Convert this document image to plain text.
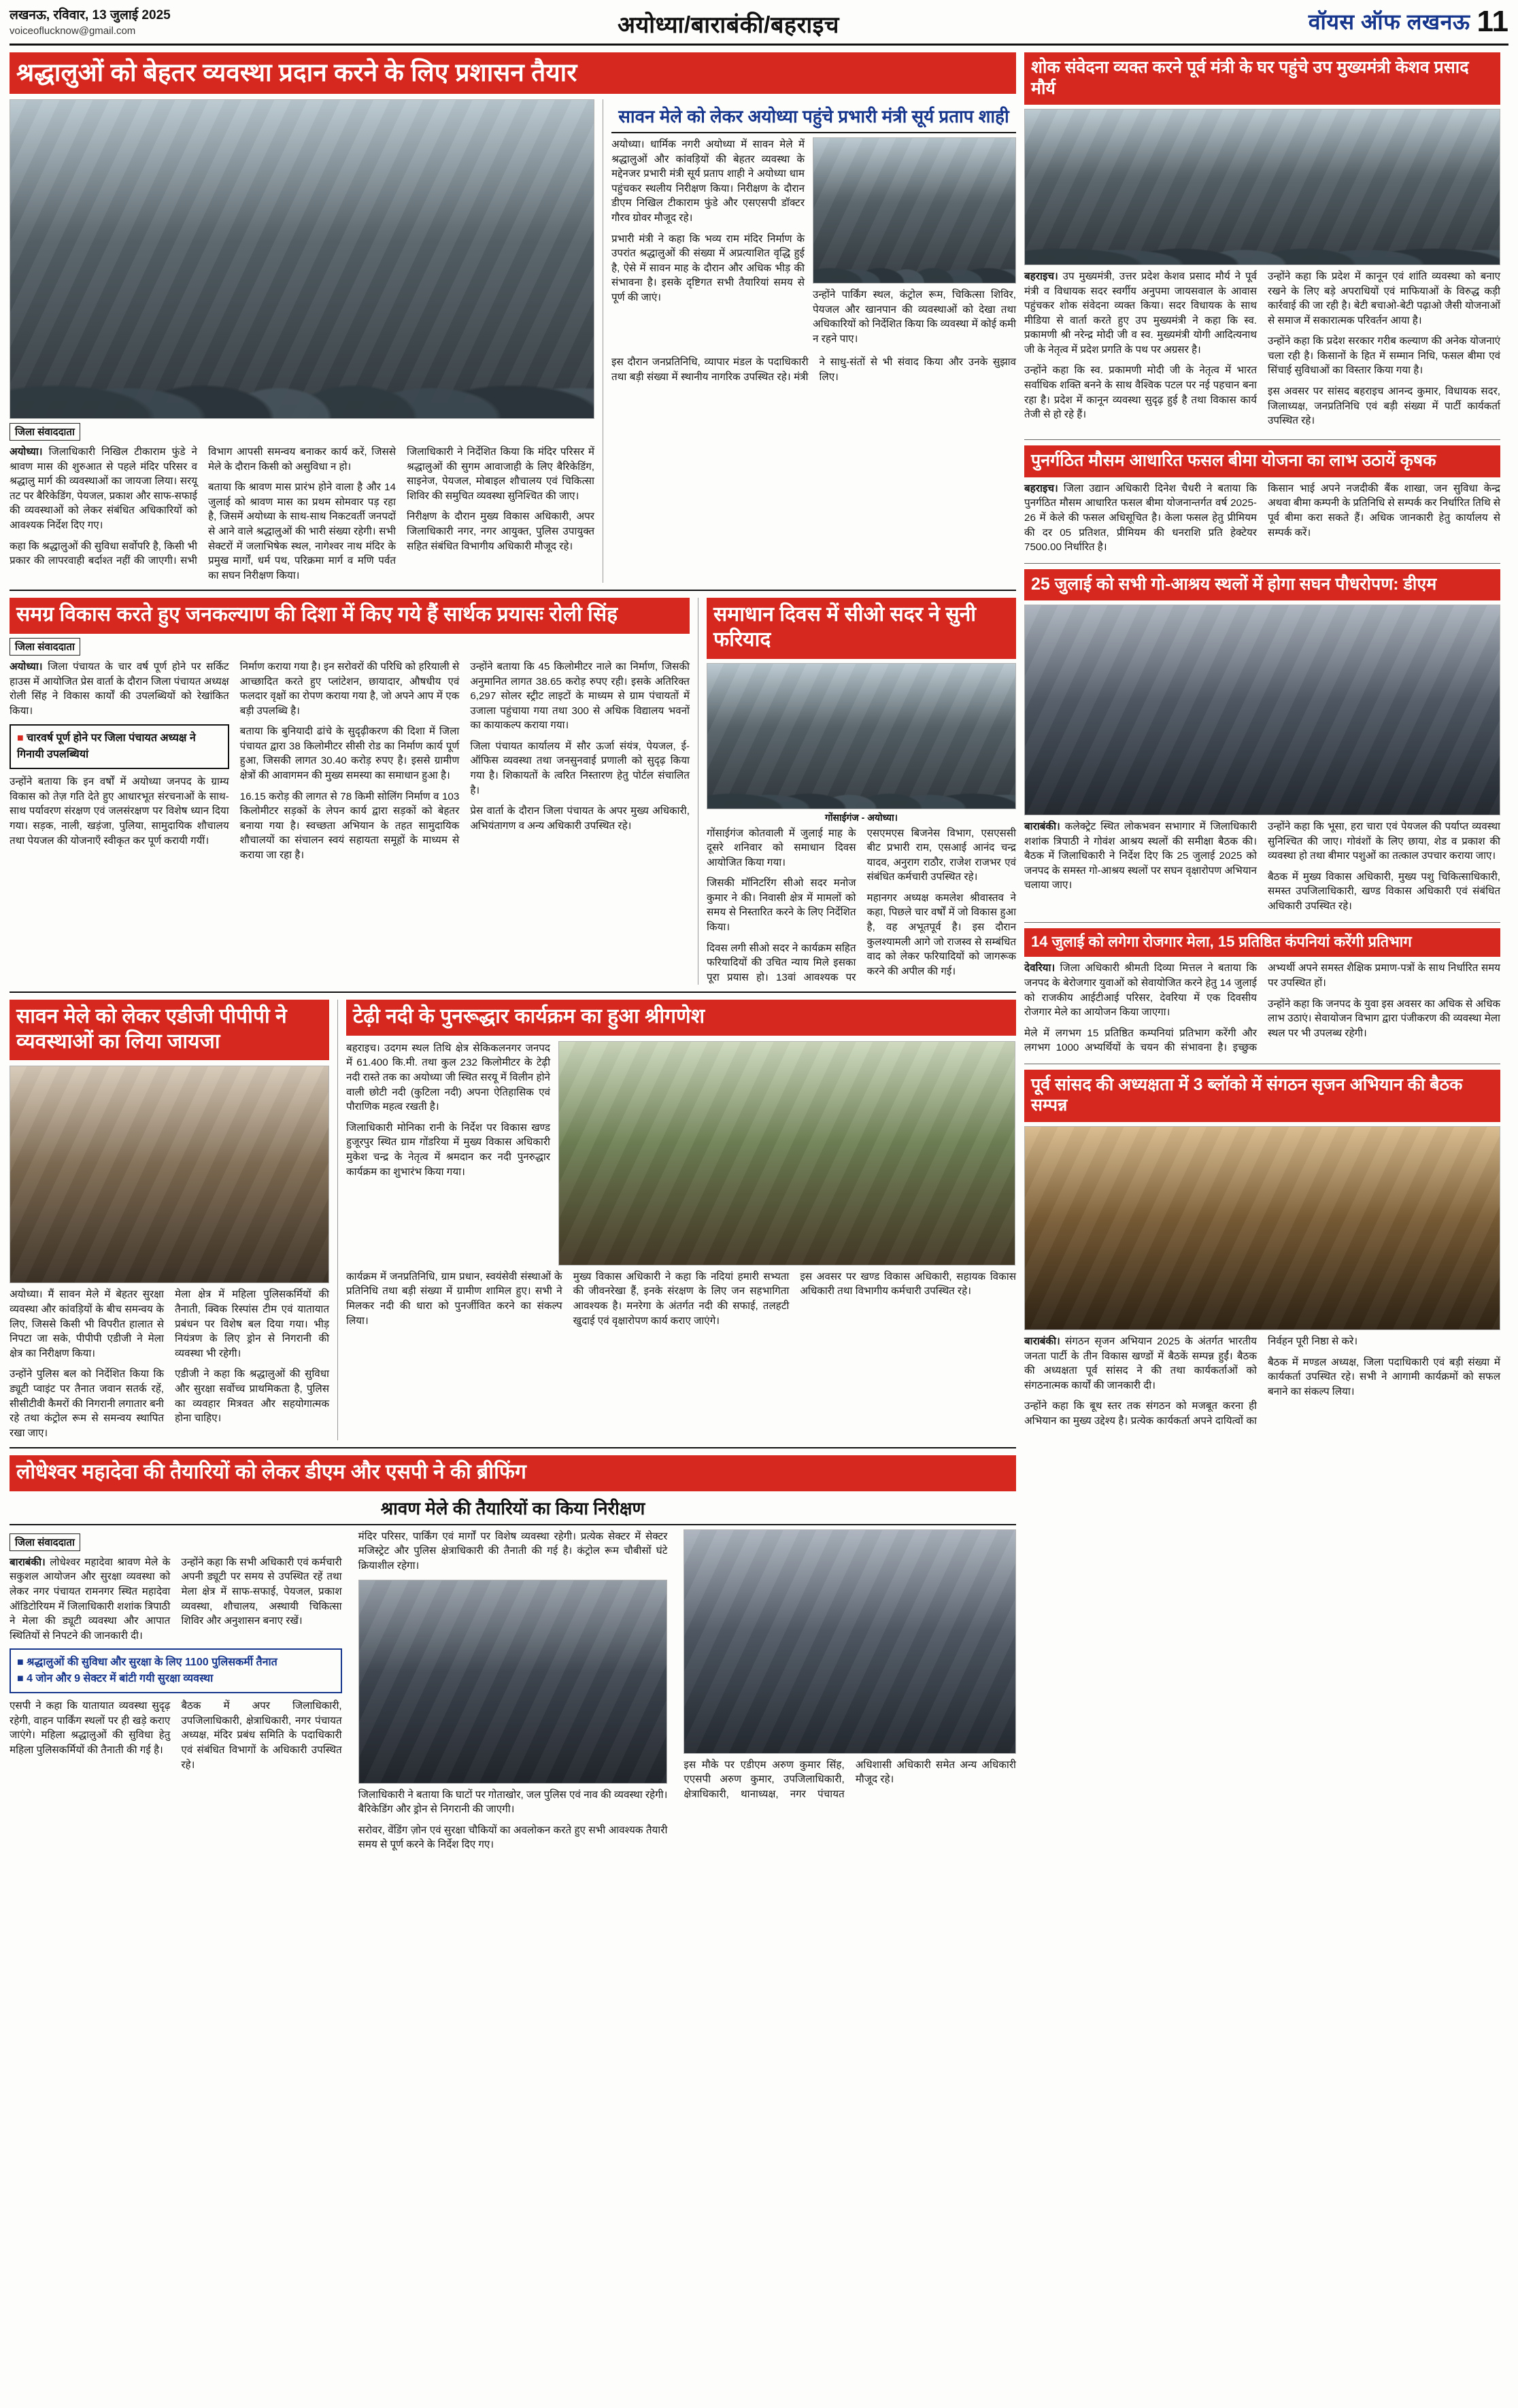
लखनऊ, रविवार, 13 जुलाई 2025
voiceoflucknow@gmail.com	अयोध्या/बाराबंकी/बहराइच	वॉयस ऑफ लखनऊ 11
श्रद्धालुओं को बेहतर व्यवस्था प्रदान करने के लिए प्रशासन तैयार
जिला संवाददाता

अयोध्या। जिलाधिकारी निखिल टीकाराम फुंडे ने श्रावण मास की शुरुआत से पहले मंदिर परिसर व श्रद्धालु मार्ग की व्यवस्थाओं का जायजा लिया। सरयू तट पर बैरिकेडिंग, पेयजल, प्रकाश और साफ-सफाई की व्यवस्थाओं को लेकर संबंधित अधिकारियों को आवश्यक निर्देश दिए गए।

कहा कि श्रद्धालुओं की सुविधा सर्वोपरि है, किसी भी प्रकार की लापरवाही बर्दाश्त नहीं की जाएगी। सभी विभाग आपसी समन्वय बनाकर कार्य करें, जिससे मेले के दौरान किसी को असुविधा न हो।

बताया कि श्रावण मास प्रारंभ होने वाला है और 14 जुलाई को श्रावण मास का प्रथम सोमवार पड़ रहा है, जिसमें अयोध्या के साथ-साथ निकटवर्ती जनपदों से आने वाले श्रद्धालुओं की भारी संख्या रहेगी। सभी सेक्टरों में जलाभिषेक स्थल, नागेश्वर नाथ मंदिर के प्रमुख मार्गों, धर्म पथ, परिक्रमा मार्ग व मणि पर्वत का सघन निरीक्षण किया।

जिलाधिकारी ने निर्देशित किया कि मंदिर परिसर में श्रद्धालुओं की सुगम आवाजाही के लिए बैरिकेडिंग, साइनेज, पेयजल, मोबाइल शौचालय एवं चिकित्सा शिविर की समुचित व्यवस्था सुनिश्चित की जाए।

निरीक्षण के दौरान मुख्य विकास अधिकारी, अपर जिलाधिकारी नगर, नगर आयुक्त, पुलिस उपायुक्त सहित संबंधित विभागीय अधिकारी मौजूद रहे।

सावन मेले को लेकर अयोध्या पहुंचे प्रभारी मंत्री सूर्य प्रताप शाही

अयोध्या। धार्मिक नगरी अयोध्या में सावन मेले में श्रद्धालुओं और कांवड़ियों की बेहतर व्यवस्था के मद्देनजर प्रभारी मंत्री सूर्य प्रताप शाही ने अयोध्या धाम पहुंचकर स्थलीय निरीक्षण किया। निरीक्षण के दौरान डीएम निखिल टीकाराम फुंडे और एसएसपी डॉक्टर गौरव ग्रोवर मौजूद रहे।

प्रभारी मंत्री ने कहा कि भव्य राम मंदिर निर्माण के उपरांत श्रद्धालुओं की संख्या में अप्रत्याशित वृद्धि हुई है, ऐसे में सावन माह के दौरान और अधिक भीड़ की संभावना है। इसके दृष्टिगत सभी तैयारियां समय से पूर्ण की जाएं।	उन्होंने पार्किंग स्थल, कंट्रोल रूम, चिकित्सा शिविर, पेयजल और खानपान की व्यवस्थाओं को देखा तथा अधिकारियों को निर्देशित किया कि व्यवस्था में कोई कमी न रहने पाए।

इस दौरान जनप्रतिनिधि, व्यापार मंडल के पदाधिकारी तथा बड़ी संख्या में स्थानीय नागरिक उपस्थित रहे। मंत्री ने साधु-संतों से भी संवाद किया और उनके सुझाव लिए।

समग्र विकास करते हुए जनकल्याण की दिशा में किए गये हैं सार्थक प्रयासः रोली सिंह
जिला संवाददाता

अयोध्या। जिला पंचायत के चार वर्ष पूर्ण होने पर सर्किट हाउस में आयोजित प्रेस वार्ता के दौरान जिला पंचायत अध्यक्ष रोली सिंह ने विकास कार्यों की उपलब्धियों को रेखांकित किया।

■ चारवर्ष पूर्ण होने पर जिला पंचायत अध्यक्ष ने गिनायी उपलब्धियां

उन्होंने बताया कि इन वर्षों में अयोध्या जनपद के ग्राम्य विकास को तेज़ गति देते हुए आधारभूत संरचनाओं के साथ-साथ पर्यावरण संरक्षण एवं जलसंरक्षण पर विशेष ध्यान दिया गया। सड़क, नाली, खड़ंजा, पुलिया, सामुदायिक शौचालय तथा पेयजल की योजनाएँ स्वीकृत कर पूर्ण करायी गयीं।

निर्माण कराया गया है। इन सरोवरों की परिधि को हरियाली से आच्छादित करते हुए प्लांटेशन, छायादार, औषधीय एवं फलदार वृक्षों का रोपण कराया गया है, जो अपने आप में एक बड़ी उपलब्धि है।

बताया कि बुनियादी ढांचे के सुदृढ़ीकरण की दिशा में जिला पंचायत द्वारा 38 किलोमीटर सीसी रोड का निर्माण कार्य पूर्ण हुआ, जिसकी लागत 30.40 करोड़ रुपए है। इससे ग्रामीण क्षेत्रों की आवागमन की मुख्य समस्या का समाधान हुआ है।

16.15 करोड़ की लागत से 78 किमी सोलिंग निर्माण व 103 किलोमीटर सड़कों के लेपन कार्य द्वारा सड़कों को बेहतर बनाया गया है। स्वच्छता अभियान के तहत सामुदायिक शौचालयों का संचालन स्वयं सहायता समूहों के माध्यम से कराया जा रहा है।

उन्होंने बताया कि 45 किलोमीटर नाले का निर्माण, जिसकी अनुमानित लागत 38.65 करोड़ रुपए रही। इसके अतिरिक्त 6,297 सोलर स्ट्रीट लाइटों के माध्यम से ग्राम पंचायतों में उजाला पहुंचाया गया तथा 300 से अधिक विद्यालय भवनों का कायाकल्प कराया गया।

जिला पंचायत कार्यालय में सौर ऊर्जा संयंत्र, पेयजल, ई-ऑफिस व्यवस्था तथा जनसुनवाई प्रणाली को सुदृढ़ किया गया है। शिकायतों के त्वरित निस्तारण हेतु पोर्टल संचालित है।

प्रेस वार्ता के दौरान जिला पंचायत के अपर मुख्य अधिकारी, अभियंतागण व अन्य अधिकारी उपस्थित रहे।

समाधान दिवस में सीओ सदर ने सुनी फरियाद
गोंसाईगंज - अयोध्या।

गोंसाईगंज कोतवाली में जुलाई माह के दूसरे शनिवार को समाधान दिवस आयोजित किया गया।

जिसकी मॉनिटरिंग सीओ सदर मनोज कुमार ने की। निवासी क्षेत्र में मामलों को समय से निस्तारित करने के लिए निर्देशित किया।

दिवस लगी सीओ सदर ने कार्यक्रम सहित फरियादियों की उचित न्याय मिले इसका पूरा प्रयास हो। 13वां आवश्यक पर एसएमएस बिजनेस विभाग, एसएससी बीट प्रभारी राम, एसआई आनंद चन्द्र यादव, अनुराग राठौर, राजेश राजभर एवं संबंधित कर्मचारी उपस्थित रहे।

महानगर अध्यक्ष कमलेश श्रीवास्तव ने कहा, पिछले चार वर्षों में जो विकास हुआ है, वह अभूतपूर्व है। इस दौरान कुलश्यामली आगे जो राजस्व से सम्बंधित वाद को लेकर फरियादियों को जागरूक करने की अपील की गई।

सावन मेले को लेकर एडीजी पीपीपी ने व्यवस्थाओं का लिया जायजा

अयोध्या। मैं सावन मेले में बेहतर सुरक्षा व्यवस्था और कांवड़ियों के बीच समन्वय के लिए, जिससे किसी भी विपरीत हालात से निपटा जा सके, पीपीपी एडीजी ने मेला क्षेत्र का निरीक्षण किया।

उन्होंने पुलिस बल को निर्देशित किया कि ड्यूटी प्वाइंट पर तैनात जवान सतर्क रहें, सीसीटीवी कैमरों की निगरानी लगातार बनी रहे तथा कंट्रोल रूम से समन्वय स्थापित रखा जाए।

मेला क्षेत्र में महिला पुलिसकर्मियों की तैनाती, क्विक रिस्पांस टीम एवं यातायात प्रबंधन पर विशेष बल दिया गया। भीड़ नियंत्रण के लिए ड्रोन से निगरानी की व्यवस्था भी रहेगी।

एडीजी ने कहा कि श्रद्धालुओं की सुविधा और सुरक्षा सर्वोच्च प्राथमिकता है, पुलिस का व्यवहार मित्रवत और सहयोगात्मक होना चाहिए।

टेढ़ी नदी के पुनरूद्धार कार्यक्रम का हुआ श्रीगणेश

बहराइच। उदगम स्थल तिथि क्षेत्र सेकिकलनगर जनपद में 61.400 कि.मी. तथा कुल 232 किलोमीटर के टेढ़ी नदी रास्ते तक का अयोध्या जी स्थित सरयू में विलीन होने वाली छोटी नदी (कुटिला नदी) अपना ऐतिहासिक एवं पौराणिक महत्व रखती है।

जिलाधिकारी मोनिका रानी के निर्देश पर विकास खण्ड हुजूरपुर स्थित ग्राम गोंडरिया में मुख्य विकास अधिकारी मुकेश चन्द्र के नेतृत्व में श्रमदान कर नदी पुनरुद्धार कार्यक्रम का शुभारंभ किया गया।

कार्यक्रम में जनप्रतिनिधि, ग्राम प्रधान, स्वयंसेवी संस्थाओं के प्रतिनिधि तथा बड़ी संख्या में ग्रामीण शामिल हुए। सभी ने मिलकर नदी की धारा को पुनर्जीवित करने का संकल्प लिया।

मुख्य विकास अधिकारी ने कहा कि नदियां हमारी सभ्यता की जीवनरेखा हैं, इनके संरक्षण के लिए जन सहभागिता आवश्यक है। मनरेगा के अंतर्गत नदी की सफाई, तलहटी खुदाई एवं वृक्षारोपण कार्य कराए जाएंगे।

इस अवसर पर खण्ड विकास अधिकारी, सहायक विकास अधिकारी तथा विभागीय कर्मचारी उपस्थित रहे।

लोधेश्वर महादेवा की तैयारियों को लेकर डीएम और एसपी ने की ब्रीफिंग
श्रावण मेले की तैयारियों का किया निरीक्षण
जिला संवाददाता

बाराबंकी। लोधेश्वर महादेवा श्रावण मेले के सकुशल आयोजन और सुरक्षा व्यवस्था को लेकर नगर पंचायत रामनगर स्थित महादेवा ऑडिटोरियम में जिलाधिकारी शशांक त्रिपाठी ने मेला की ड्यूटी व्यवस्था और आपात स्थितियों से निपटने की जानकारी दी।

उन्होंने कहा कि सभी अधिकारी एवं कर्मचारी अपनी ड्यूटी पर समय से उपस्थित रहें तथा मेला क्षेत्र में साफ-सफाई, पेयजल, प्रकाश व्यवस्था, शौचालय, अस्थायी चिकित्सा शिविर और अनुशासन बनाए रखें।

■ श्रद्धालुओं की सुविधा और सुरक्षा के लिए 1100 पुलिसकर्मी तैनात
■ 4 जोन और 9 सेक्टर में बांटी गयी सुरक्षा व्यवस्था

एसपी ने कहा कि यातायात व्यवस्था सुदृढ़ रहेगी, वाहन पार्किंग स्थलों पर ही खड़े कराए जाएंगे। महिला श्रद्धालुओं की सुविधा हेतु महिला पुलिसकर्मियों की तैनाती की गई है।

बैठक में अपर जिलाधिकारी, उपजिलाधिकारी, क्षेत्राधिकारी, नगर पंचायत अध्यक्ष, मंदिर प्रबंध समिति के पदाधिकारी एवं संबंधित विभागों के अधिकारी उपस्थित रहे।

मंदिर परिसर, पार्किंग एवं मार्गों पर विशेष व्यवस्था रहेगी। प्रत्येक सेक्टर में सेक्टर मजिस्ट्रेट और पुलिस क्षेत्राधिकारी की तैनाती की गई है। कंट्रोल रूम चौबीसों घंटे क्रियाशील रहेगा।

जिलाधिकारी ने बताया कि घाटों पर गोताखोर, जल पुलिस एवं नाव की व्यवस्था रहेगी। बैरिकेडिंग और ड्रोन से निगरानी की जाएगी।

सरोवर, वेंडिंग ज़ोन एवं सुरक्षा चौकियों का अवलोकन करते हुए सभी आवश्यक तैयारी समय से पूर्ण करने के निर्देश दिए गए।

इस मौके पर एडीएम अरुण कुमार सिंह, एएसपी अरुण कुमार, उपजिलाधिकारी, क्षेत्राधिकारी, थानाध्यक्ष, नगर पंचायत अधिशासी अधिकारी समेत अन्य अधिकारी मौजूद रहे।

शोक संवेदना व्यक्त करने पूर्व मंत्री के घर पहुंचे उप मुख्यमंत्री केशव प्रसाद मौर्य

बहराइच। उप मुख्यमंत्री, उत्तर प्रदेश केशव प्रसाद मौर्य ने पूर्व मंत्री व विधायक सदर स्वर्गीय अनुपमा जायसवाल के आवास पहुंचकर शोक संवेदना व्यक्त किया। सदर विधायक के साथ मीडिया से वार्ता करते हुए उप मुख्यमंत्री ने कहा कि स्व. प्रकामणी श्री नरेन्द्र मोदी जी व स्व. मुख्यमंत्री योगी आदित्यनाथ जी के नेतृत्व में प्रदेश प्रगति के पथ पर अग्रसर है।

उन्होंने कहा कि स्व. प्रकामणी मोदी जी के नेतृत्व में भारत सर्वाधिक शक्ति बनने के साथ वैश्विक पटल पर नई पहचान बना रहा है। प्रदेश में कानून व्यवस्था सुदृढ़ हुई है तथा विकास कार्य तेजी से हो रहे हैं।

उन्होंने कहा कि प्रदेश में कानून एवं शांति व्यवस्था को बनाए रखने के लिए बड़े अपराधियों एवं माफियाओं के विरुद्ध कड़ी कार्रवाई की जा रही है। बेटी बचाओ-बेटी पढ़ाओ जैसी योजनाओं से समाज में सकारात्मक परिवर्तन आया है।

उन्होंने कहा कि प्रदेश सरकार गरीब कल्याण की अनेक योजनाएं चला रही है। किसानों के हित में सम्मान निधि, फसल बीमा एवं सिंचाई सुविधाओं का विस्तार किया गया है।

इस अवसर पर सांसद बहराइच आनन्द कुमार, विधायक सदर, जिलाध्यक्ष, जनप्रतिनिधि एवं बड़ी संख्या में पार्टी कार्यकर्ता उपस्थित रहे।

पुनर्गठित मौसम आधारित फसल बीमा योजना का लाभ उठायें कृषक

बहराइच। जिला उद्यान अधिकारी दिनेश चैधरी ने बताया कि पुनर्गठित मौसम आधारित फसल बीमा योजनान्तर्गत वर्ष 2025-26 में केले की फसल अधिसूचित है। केला फसल हेतु प्रीमियम की दर 05 प्रतिशत, प्रीमियम की धनराशि प्रति हेक्टेयर 7500.00 निर्धारित है।

किसान भाई अपने नजदीकी बैंक शाखा, जन सुविधा केन्द्र अथवा बीमा कम्पनी के प्रतिनिधि से सम्पर्क कर निर्धारित तिथि से पूर्व बीमा करा सकते हैं। अधिक जानकारी हेतु कार्यालय से सम्पर्क करें।

25 जुलाई को सभी गो-आश्रय स्थलों में होगा सघन पौधरोपण: डीएम

बाराबंकी। कलेक्ट्रेट स्थित लोकभवन सभागार में जिलाधिकारी शशांक त्रिपाठी ने गोवंश आश्रय स्थलों की समीक्षा बैठक की। बैठक में जिलाधिकारी ने निर्देश दिए कि 25 जुलाई 2025 को जनपद के समस्त गो-आश्रय स्थलों पर सघन वृक्षारोपण अभियान चलाया जाए।

उन्होंने कहा कि भूसा, हरा चारा एवं पेयजल की पर्याप्त व्यवस्था सुनिश्चित की जाए। गोवंशों के लिए छाया, शेड व प्रकाश की व्यवस्था हो तथा बीमार पशुओं का तत्काल उपचार कराया जाए।

बैठक में मुख्य विकास अधिकारी, मुख्य पशु चिकित्साधिकारी, समस्त उपजिलाधिकारी, खण्ड विकास अधिकारी एवं संबंधित अधिकारी उपस्थित रहे।

14 जुलाई को लगेगा रोजगार मेला, 15 प्रतिष्ठित कंपनियां करेंगी प्रतिभाग

देवरिया। जिला अधिकारी श्रीमती दिव्या मित्तल ने बताया कि जनपद के बेरोजगार युवाओं को सेवायोजित करने हेतु 14 जुलाई को राजकीय आईटीआई परिसर, देवरिया में एक दिवसीय रोजगार मेले का आयोजन किया जाएगा।

मेले में लगभग 15 प्रतिष्ठित कम्पनियां प्रतिभाग करेंगी और लगभग 1000 अभ्यर्थियों के चयन की संभावना है। इच्छुक अभ्यर्थी अपने समस्त शैक्षिक प्रमाण-पत्रों के साथ निर्धारित समय पर उपस्थित हों।

उन्होंने कहा कि जनपद के युवा इस अवसर का अधिक से अधिक लाभ उठाएं। सेवायोजन विभाग द्वारा पंजीकरण की व्यवस्था मेला स्थल पर भी उपलब्ध रहेगी।

पूर्व सांसद की अध्यक्षता में 3 ब्लॉको में संगठन सृजन अभियान की बैठक सम्पन्न

बाराबंकी। संगठन सृजन अभियान 2025 के अंतर्गत भारतीय जनता पार्टी के तीन विकास खण्डों में बैठकें सम्पन्न हुईं। बैठक की अध्यक्षता पूर्व सांसद ने की तथा कार्यकर्ताओं को संगठनात्मक कार्यों की जानकारी दी।

उन्होंने कहा कि बूथ स्तर तक संगठन को मजबूत करना ही अभियान का मुख्य उद्देश्य है। प्रत्येक कार्यकर्ता अपने दायित्वों का निर्वहन पूरी निष्ठा से करे।

बैठक में मण्डल अध्यक्ष, जिला पदाधिकारी एवं बड़ी संख्या में कार्यकर्ता उपस्थित रहे। सभी ने आगामी कार्यक्रमों को सफल बनाने का संकल्प लिया।
